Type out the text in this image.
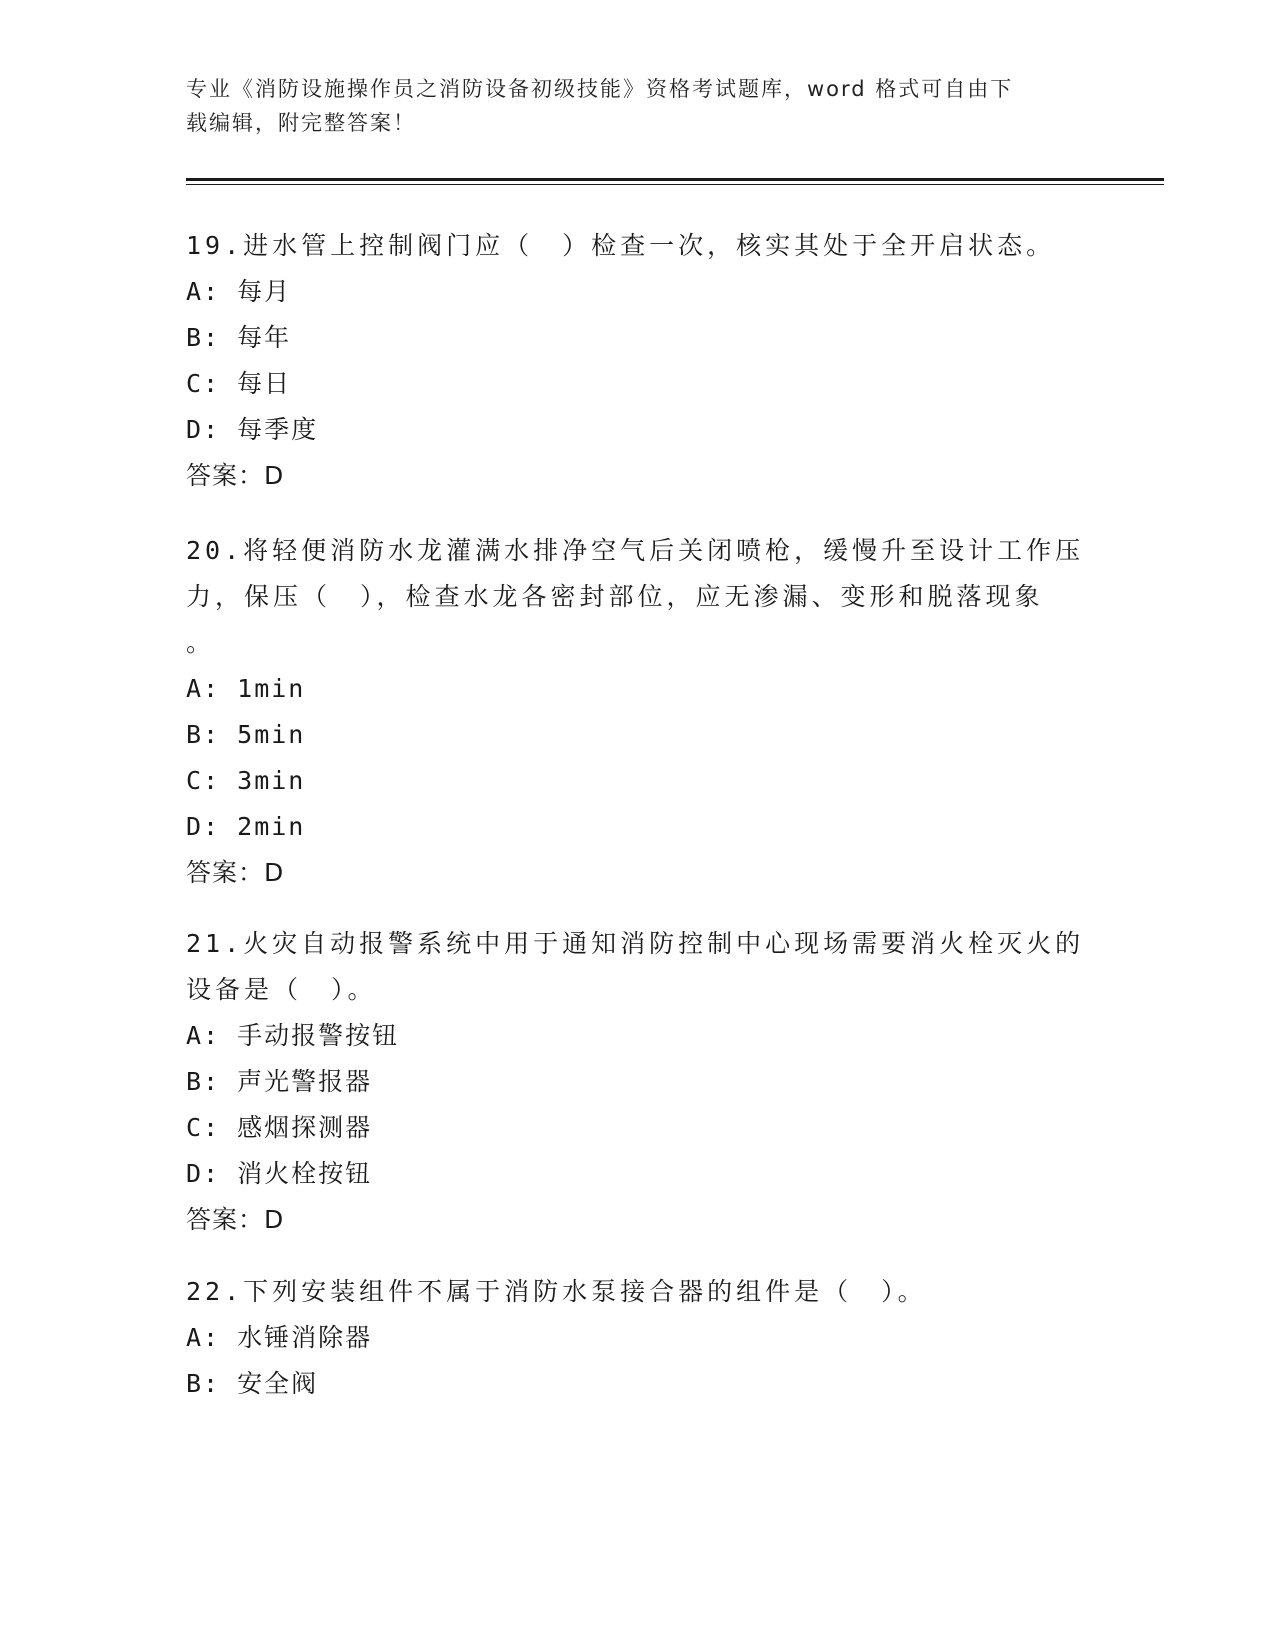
专业《消防设施操作员之消防设备初级技能》资格考试题库，word 格式可自由下
载编辑，附完整答案！

19.进水管上控制阀门应（　）检查一次，核实其处于全开启状态。

A: 每月

B: 每年

C: 每日

D: 每季度

答案：D

20.将轻便消防水龙灌满水排净空气后关闭喷枪，缓慢升至设计工作压

力，保压（　），检查水龙各密封部位，应无渗漏、变形和脱落现象

。

A: 1min

B: 5min

C: 3min

D: 2min

答案：D

21.火灾自动报警系统中用于通知消防控制中心现场需要消火栓灭火的

设备是（　）。

A: 手动报警按钮

B: 声光警报器

C: 感烟探测器

D: 消火栓按钮

答案：D

22.下列安装组件不属于消防水泵接合器的组件是（　）。

A: 水锤消除器

B: 安全阀
